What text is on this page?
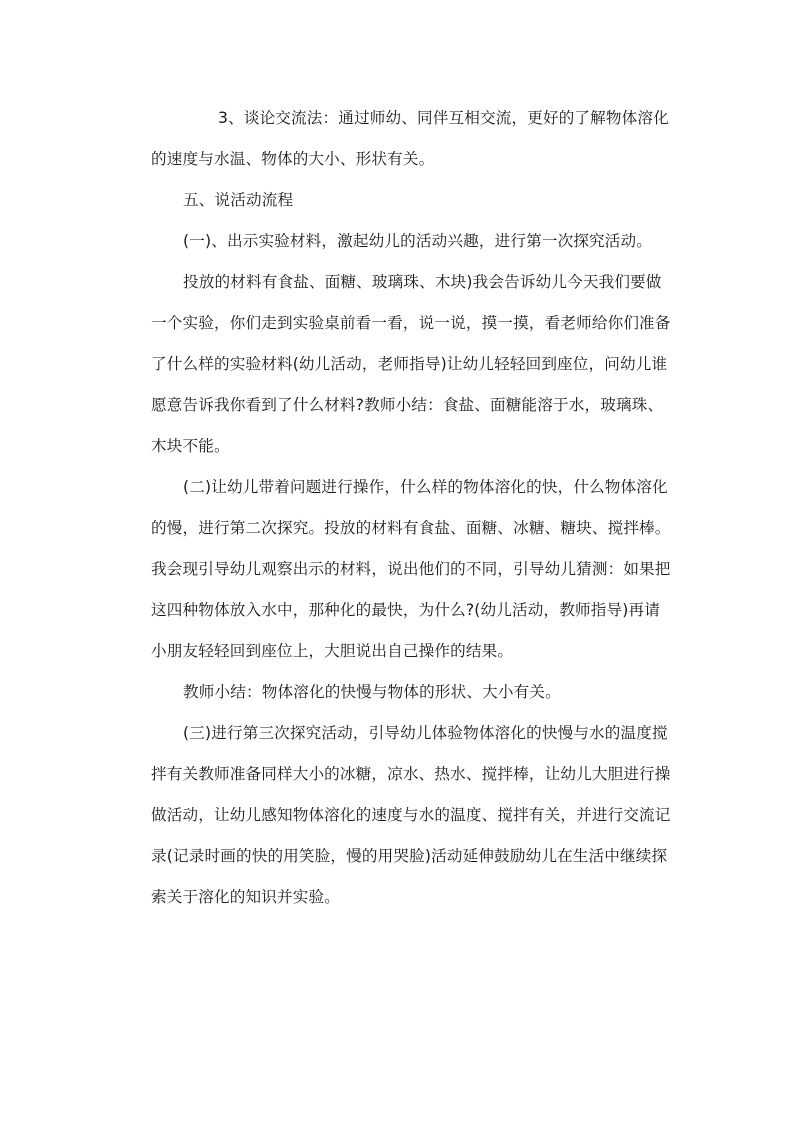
3、谈论交流法：通过师幼、同伴互相交流，更好的了解物体溶化
的速度与水温、物体的大小、形状有关。
五、说活动流程
(一)、出示实验材料，激起幼儿的活动兴趣，进行第一次探究活动。
投放的材料有食盐、面糖、玻璃珠、木块)我会告诉幼儿今天我们要做
一个实验，你们走到实验桌前看一看，说一说，摸一摸，看老师给你们准备
了什么样的实验材料(幼儿活动，老师指导)让幼儿轻轻回到座位，问幼儿谁
愿意告诉我你看到了什么材料?教师小结：食盐、面糖能溶于水，玻璃珠、
木块不能。
(二)让幼儿带着问题进行操作，什么样的物体溶化的快，什么物体溶化
的慢，进行第二次探究。投放的材料有食盐、面糖、冰糖、糖块、搅拌棒。
我会现引导幼儿观察出示的材料，说出他们的不同，引导幼儿猜测：如果把
这四种物体放入水中，那种化的最快，为什么?(幼儿活动，教师指导)再请
小朋友轻轻回到座位上，大胆说出自己操作的结果。
教师小结：物体溶化的快慢与物体的形状、大小有关。
(三)进行第三次探究活动，引导幼儿体验物体溶化的快慢与水的温度搅
拌有关教师准备同样大小的冰糖，凉水、热水、搅拌棒，让幼儿大胆进行操
做活动，让幼儿感知物体溶化的速度与水的温度、搅拌有关，并进行交流记
录(记录时画的快的用笑脸，慢的用哭脸)活动延伸鼓励幼儿在生活中继续探
索关于溶化的知识并实验。
